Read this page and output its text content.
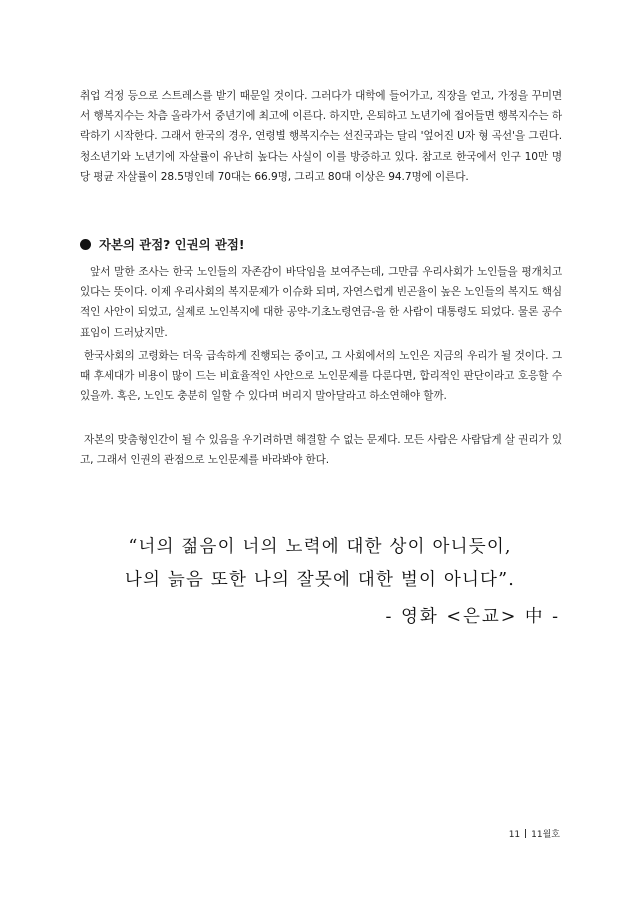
취업 걱정 등으로 스트레스를 받기 때문일 것이다. 그러다가 대학에 들어가고, 직장을 얻고, 가정을 꾸미면서 행복지수는 차츰 올라가서 중년기에 최고에 이른다. 하지만, 은퇴하고 노년기에 접어들면 행복지수는 하락하기 시작한다. 그래서 한국의 경우, 연령별 행복지수는 선진국과는 달리 '엎어진 U자 형 곡선'을 그린다. 청소년기와 노년기에 자살률이 유난히 높다는 사실이 이를 방증하고 있다. 참고로 한국에서 인구 10만 명당 평균 자살률이 28.5명인데 70대는 66.9명, 그리고 80대 이상은 94.7명에 이른다.

자본의 관점? 인권의 관점!

앞서 말한 조사는 한국 노인들의 자존감이 바닥임을 보여주는데, 그만큼 우리사회가 노인들을 평개치고 있다는 뜻이다. 이제 우리사회의 복지문제가 이슈화 되며, 자연스럽게 빈곤율이 높은 노인들의 복지도 핵심적인 사안이 되었고, 실제로 노인복지에 대한 공약-기초노령연금-을 한 사람이 대통령도 되었다. 물론 공수표임이 드러났지만.

한국사회의 고령화는 더욱 급속하게 진행되는 중이고, 그 사회에서의 노인은 지금의 우리가 될 것이다. 그때 후세대가 비용이 많이 드는 비효율적인 사안으로 노인문제를 다룬다면, 합리적인 판단이라고 호응할 수 있을까. 혹은, 노인도 충분히 일할 수 있다며 버리지 말아달라고 하소연해야 할까.

자본의 맞춤형인간이 될 수 있음을 우기려하면 해결할 수 없는 문제다. 모든 사람은 사람답게 살 권리가 있고, 그래서 인권의 관점으로 노인문제를 바라봐야 한다.

“너의 젊음이 너의 노력에 대한 상이 아니듯이,

나의 늙음 또한 나의 잘못에 대한 벌이 아니다”.

- 영화 <은교> 中 -

11 11월호
